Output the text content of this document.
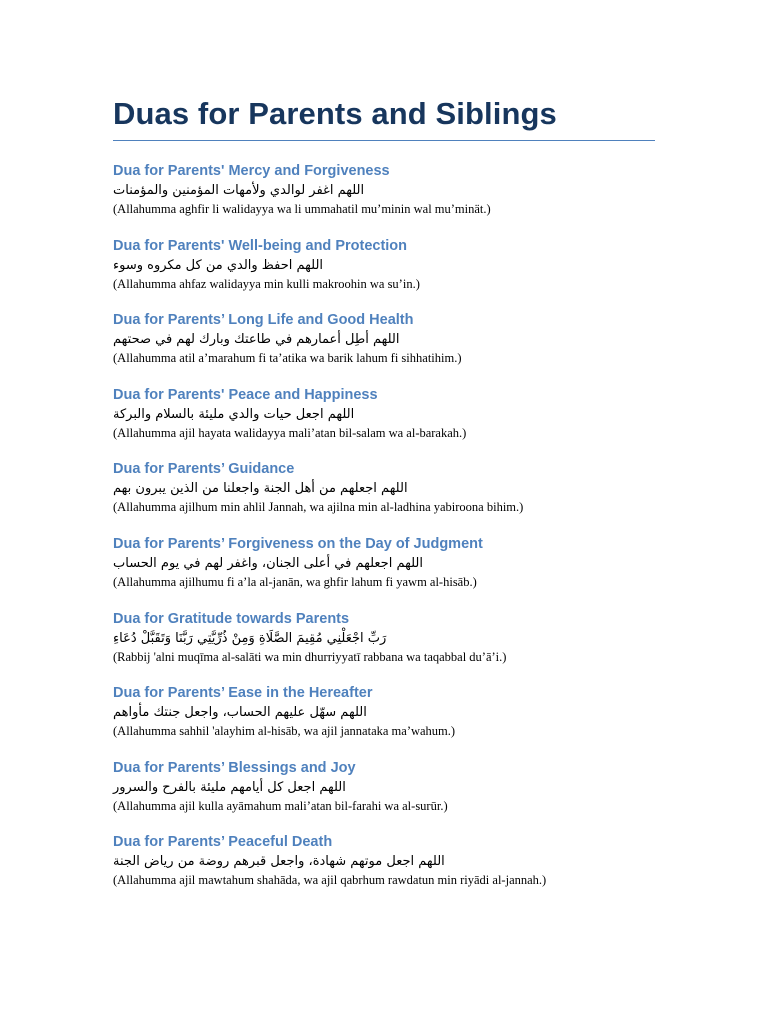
Duas for Parents and Siblings

Dua for Parents' Mercy and Forgiveness

اللهم اغفر لوالدي ولأمهات المؤمنين والمؤمنات

(Allahumma aghfir li walidayya wa li ummahatil mu’minin wal mu’minät.)

Dua for Parents' Well-being and Protection

اللهم احفظ والدي من كل مكروه وسوء

(Allahumma ahfaz walidayya min kulli makroohin wa su’in.)

Dua for Parents’ Long Life and Good Health

اللهم أطِل أعمارهم في طاعتك وبارك لهم في صحتهم

(Allahumma atil a’marahum fi ta’atika wa barik lahum fi sihhatihim.)

Dua for Parents' Peace and Happiness

اللهم اجعل حيات والدي مليئة بالسلام والبركة

(Allahumma ajil hayata walidayya mali’atan bil-salam wa al-barakah.)

Dua for Parents’ Guidance

اللهم اجعلهم من أهل الجنة واجعلنا من الذين يبرون بهم

(Allahumma ajilhum min ahlil Jannah, wa ajilna min al-ladhina yabiroona bihim.)

Dua for Parents’ Forgiveness on the Day of Judgment

اللهم اجعلهم في أعلى الجنان، واغفر لهم في يوم الحساب

(Allahumma ajilhumu fi a’la al-janān, wa ghfir lahum fi yawm al-hisāb.)

Dua for Gratitude towards Parents

رَبِّ اجْعَلْنِي مُقِيمَ الصَّلَاةِ وَمِنْ ذُرِّيَّتِي رَبَّنَا وَتَقَبَّلْ دُعَاءِ

(Rabbij 'alni muqīma al-salāti wa min dhurriyyatī rabbana wa taqabbal du’ā’i.)

Dua for Parents’ Ease in the Hereafter

اللهم سهّل عليهم الحساب، واجعل جنتك مأواهم

(Allahumma sahhil 'alayhim al-hisāb, wa ajil jannataka ma’wahum.)

Dua for Parents’ Blessings and Joy

اللهم اجعل كل أيامهم مليئة بالفرح والسرور

(Allahumma ajil kulla ayāmahum mali’atan bil-farahi wa al-surūr.)

Dua for Parents’ Peaceful Death

اللهم اجعل موتهم شهادة، واجعل قبرهم روضة من رياض الجنة

(Allahumma ajil mawtahum shahāda, wa ajil qabrhum rawdatun min riyādi al-jannah.)
